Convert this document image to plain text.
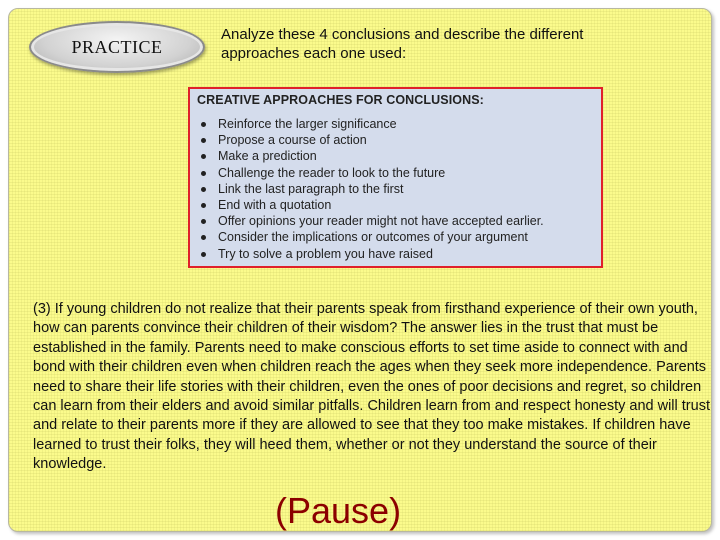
PRACTICE
Analyze these 4 conclusions and describe the different
approaches each one used:
CREATIVE APPROACHES FOR CONCLUSIONS:
Reinforce the larger significance
Propose a course of action
Make a prediction
Challenge the reader to look to the future
Link the last paragraph to the first
End with a quotation
Offer opinions your reader might not have accepted earlier.
Consider the implications or outcomes of your argument
Try to solve a problem you have raised

(3) If young children do not realize that their parents speak from firsthand experience of their own youth, how can parents convince their children of their wisdom? The answer lies in the trust that must be established in the family. Parents need to make conscious efforts to set time aside to connect with and bond with their children even when children reach the ages when they seek more independence. Parents need to share their life stories with their children, even the ones of poor decisions and regret, so children can learn from their elders and avoid similar pitfalls. Children learn from and respect honesty and will trust and relate to their parents more if they are allowed to see that they too make mistakes. If children have learned to trust their folks, they will heed them, whether or not they understand the source of their knowledge.

(Pause)
